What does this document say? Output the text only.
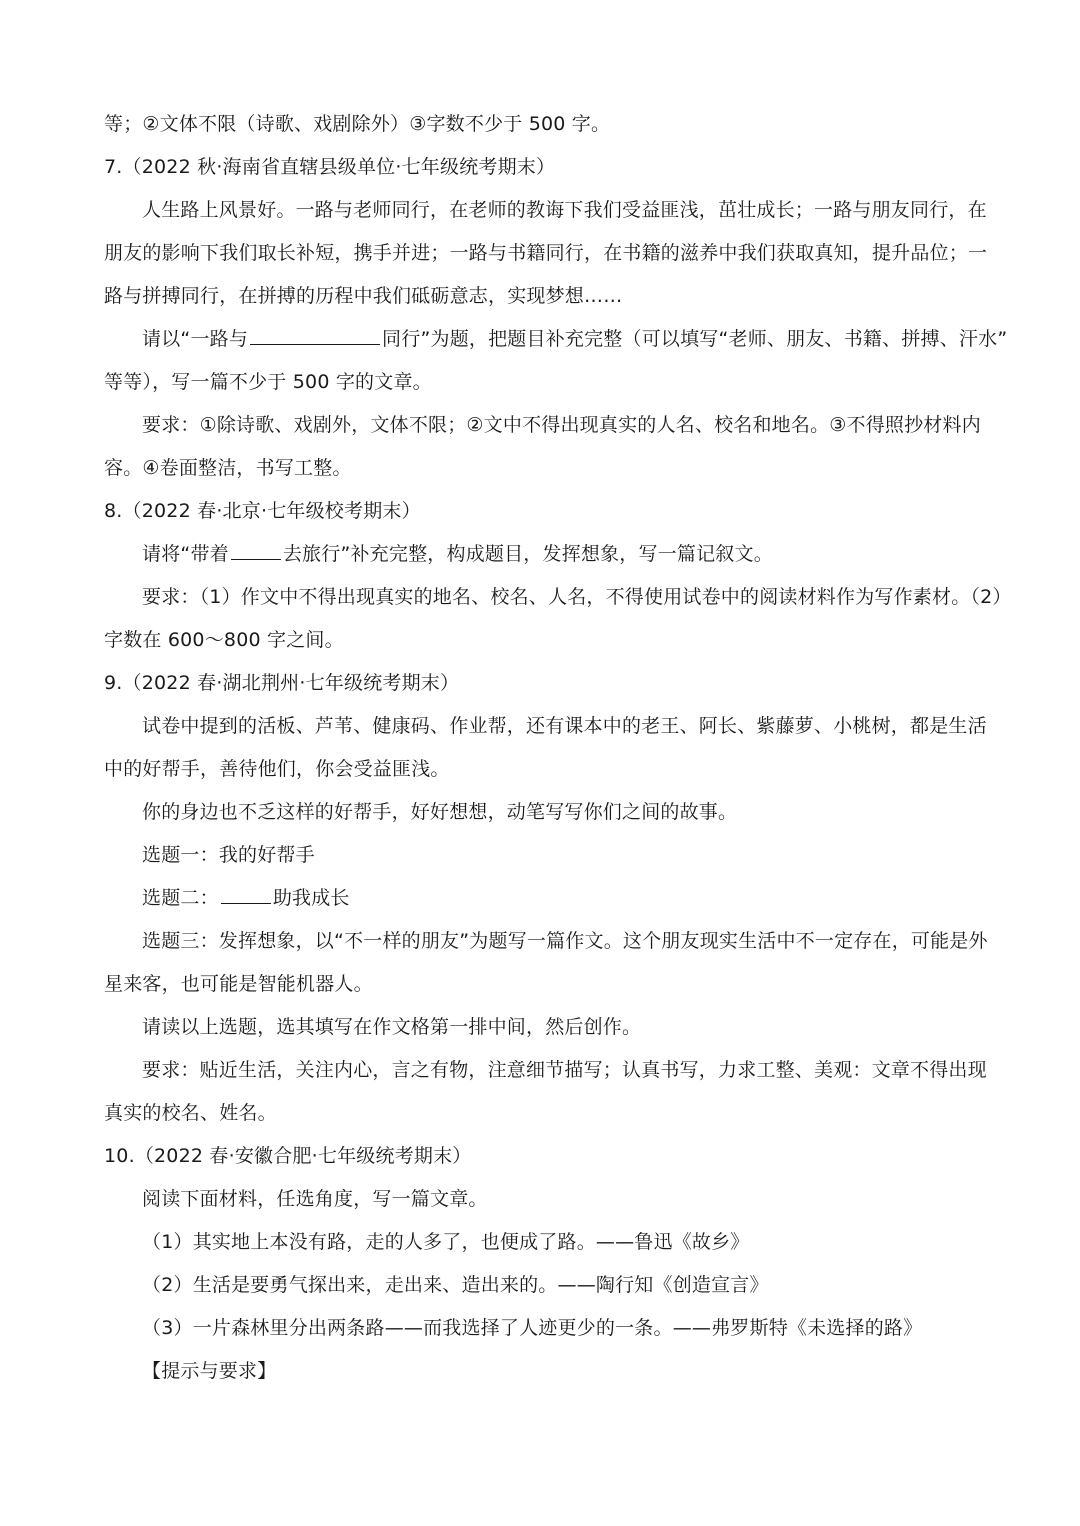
等；②文体不限（诗歌、戏剧除外）③字数不少于 500 字。
7.（2022 秋·海南省直辖县级单位·七年级统考期末）
人生路上风景好。一路与老师同行，在老师的教诲下我们受益匪浅，茁壮成长；一路与朋友同行，在
朋友的影响下我们取长补短，携手并进；一路与书籍同行，在书籍的滋养中我们获取真知，提升品位；一
路与拼搏同行，在拼搏的历程中我们砥砺意志，实现梦想……
请以“一路与	同行”为题，把题目补充完整（可以填写“老师、朋友、书籍、拼搏、汗水”
等等），写一篇不少于 500 字的文章。
要求：①除诗歌、戏剧外，文体不限；②文中不得出现真实的人名、校名和地名。③不得照抄材料内
容。④卷面整洁，书写工整。
8.（2022 春·北京·七年级校考期末）
请将“带着	去旅行”补充完整，构成题目，发挥想象，写一篇记叙文。
要求：（1）作文中不得出现真实的地名、校名、人名，不得使用试卷中的阅读材料作为写作素材。（2）
字数在 600～800 字之间。
9.（2022 春·湖北荆州·七年级统考期末）
试卷中提到的活板、芦苇、健康码、作业帮，还有课本中的老王、阿长、紫藤萝、小桃树，都是生活
中的好帮手，善待他们，你会受益匪浅。
你的身边也不乏这样的好帮手，好好想想，动笔写写你们之间的故事。
选题一：我的好帮手
选题二：	助我成长
选题三：发挥想象，以“不一样的朋友”为题写一篇作文。这个朋友现实生活中不一定存在，可能是外
星来客，也可能是智能机器人。
请读以上选题，选其填写在作文格第一排中间，然后创作。
要求：贴近生活，关注内心，言之有物，注意细节描写；认真书写，力求工整、美观：文章不得出现
真实的校名、姓名。
10.（2022 春·安徽合肥·七年级统考期末）
阅读下面材料，任选角度，写一篇文章。
（1）其实地上本没有路，走的人多了，也便成了路。——鲁迅《故乡》
（2）生活是要勇气探出来，走出来、造出来的。——陶行知《创造宣言》
（3）一片森林里分出两条路——而我选择了人迹更少的一条。——弗罗斯特《未选择的路》
【提示与要求】
